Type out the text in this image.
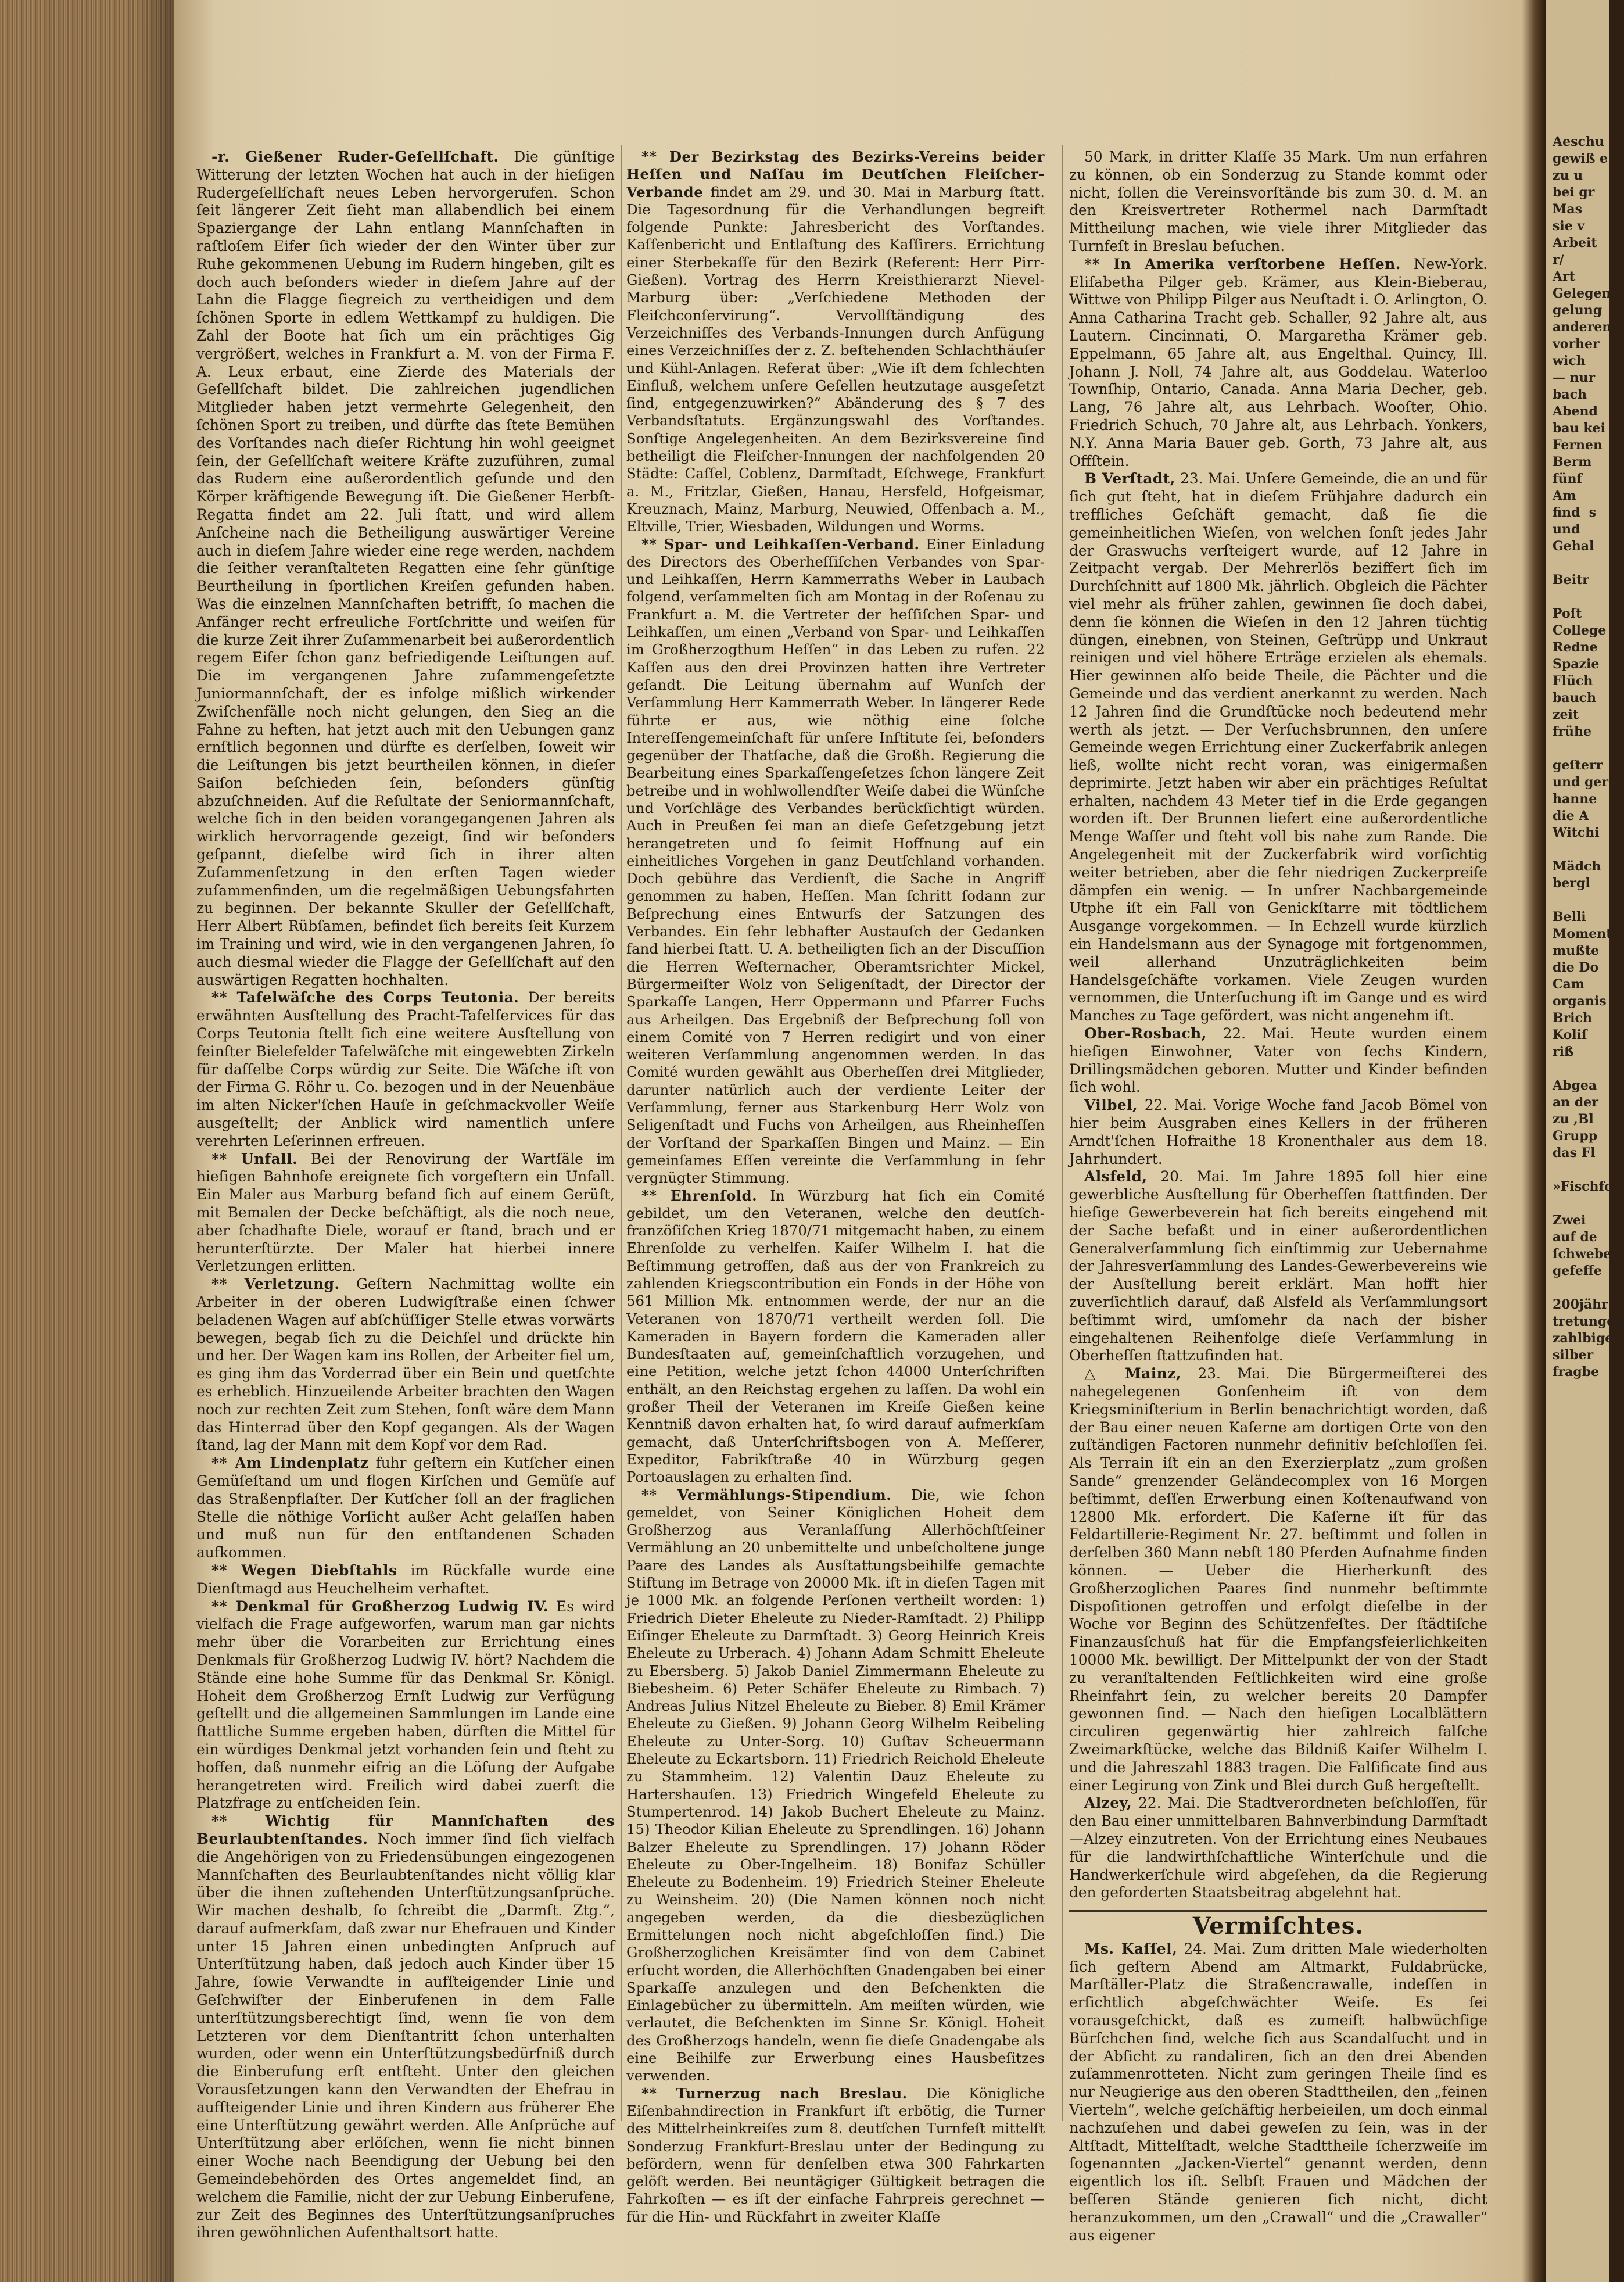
-r. Gießener Ruder-Geſellſchaft. Die günſtige Witterung der letzten Wochen hat auch in der hieſigen Rudergeſellſchaft neues Leben hervorgerufen. Schon ſeit längerer Zeit ſieht man allabendlich bei einem Spaziergange der Lahn entlang Mannſchaften in raſtloſem Eifer ſich wieder der den Winter über zur Ruhe gekommenen Uebung im Rudern hingeben, gilt es doch auch beſonders wieder in dieſem Jahre auf der Lahn die Flagge ſiegreich zu vertheidigen und dem ſchönen Sporte in edlem Wettkampf zu huldigen. Die Zahl der Boote hat ſich um ein prächtiges Gig vergrößert, welches in Frankfurt a. M. von der Firma F. A. Leux erbaut, eine Zierde des Materials der Geſellſchaft bildet. Die zahlreichen jugendlichen Mitglieder haben jetzt vermehrte Gelegenheit, den ſchönen Sport zu treiben, und dürfte das ſtete Bemühen des Vorſtandes nach dieſer Richtung hin wohl geeignet ſein, der Geſellſchaft weitere Kräfte zuzuführen, zumal das Rudern eine außerordentlich geſunde und den Körper kräftigende Bewegung iſt. Die Gießener Herbſt-Regatta findet am 22. Juli ſtatt, und wird allem Anſcheine nach die Betheiligung auswärtiger Vereine auch in dieſem Jahre wieder eine rege werden, nachdem die ſeither veranſtalteten Regatten eine ſehr günſtige Beurtheilung in ſportlichen Kreiſen gefunden haben. Was die einzelnen Mannſchaften betrifft, ſo machen die Anfänger recht erfreuliche Fortſchritte und weiſen für die kurze Zeit ihrer Zuſammenarbeit bei außerordentlich regem Eifer ſchon ganz befriedigende Leiſtungen auf. Die im vergangenen Jahre zuſammengeſetzte Juniormannſchaft, der es infolge mißlich wirkender Zwiſchenfälle noch nicht gelungen, den Sieg an die Fahne zu heften, hat jetzt auch mit den Uebungen ganz ernſtlich begonnen und dürfte es derſelben, ſoweit wir die Leiſtungen bis jetzt beurtheilen können, in dieſer Saiſon beſchieden ſein, beſonders günſtig abzuſchneiden. Auf die Reſultate der Seniormannſchaft, welche ſich in den beiden vorangegangenen Jahren als wirklich hervorragende gezeigt, ſind wir beſonders geſpannt, dieſelbe wird ſich in ihrer alten Zuſammenſetzung in den erſten Tagen wieder zuſammenfinden, um die regelmäßigen Uebungsfahrten zu beginnen. Der bekannte Skuller der Geſellſchaft, Herr Albert Rübſamen, befindet ſich bereits ſeit Kurzem im Training und wird, wie in den vergangenen Jahren, ſo auch diesmal wieder die Flagge der Geſellſchaft auf den auswärtigen Regatten hochhalten.

** Tafelwäſche des Corps Teutonia. Der bereits erwähnten Ausſtellung des Pracht-Tafelſervices für das Corps Teutonia ſtellt ſich eine weitere Ausſtellung von feinſter Bielefelder Tafelwäſche mit eingewebten Zirkeln für daſſelbe Corps würdig zur Seite. Die Wäſche iſt von der Firma G. Röhr u. Co. bezogen und in der Neuenbäue im alten Nicker'ſchen Hauſe in geſchmackvoller Weiſe ausgeſtellt; der Anblick wird namentlich unſere verehrten Leſerinnen erfreuen.

** Unfall. Bei der Renovirung der Wartſäle im hieſigen Bahnhofe ereignete ſich vorgeſtern ein Unfall. Ein Maler aus Marburg befand ſich auf einem Gerüſt, mit Bemalen der Decke beſchäftigt, als die noch neue, aber ſchadhafte Diele, worauf er ſtand, brach und er herunterſtürzte. Der Maler hat hierbei innere Verletzungen erlitten.

** Verletzung. Geſtern Nachmittag wollte ein Arbeiter in der oberen Ludwigſtraße einen ſchwer beladenen Wagen auf abſchüſſiger Stelle etwas vorwärts bewegen, begab ſich zu die Deichſel und drückte hin und her. Der Wagen kam ins Rollen, der Arbeiter fiel um, es ging ihm das Vorderrad über ein Bein und quetſchte es erheblich. Hinzueilende Arbeiter brachten den Wagen noch zur rechten Zeit zum Stehen, ſonſt wäre dem Mann das Hinterrad über den Kopf gegangen. Als der Wagen ſtand, lag der Mann mit dem Kopf vor dem Rad.

** Am Lindenplatz fuhr geſtern ein Kutſcher einen Gemüſeſtand um und flogen Kirſchen und Gemüſe auf das Straßenpflaſter. Der Kutſcher ſoll an der fraglichen Stelle die nöthige Vorſicht außer Acht gelaſſen haben und muß nun für den entſtandenen Schaden aufkommen.

** Wegen Diebſtahls im Rückfalle wurde eine Dienſtmagd aus Heuchelheim verhaftet.

** Denkmal für Großherzog Ludwig IV. Es wird vielfach die Frage aufgeworfen, warum man gar nichts mehr über die Vorarbeiten zur Errichtung eines Denkmals für Großherzog Ludwig IV. hört? Nachdem die Stände eine hohe Summe für das Denkmal Sr. Königl. Hoheit dem Großherzog Ernſt Ludwig zur Verfügung geſtellt und die allgemeinen Sammlungen im Lande eine ſtattliche Summe ergeben haben, dürften die Mittel für ein würdiges Denkmal jetzt vorhanden ſein und ſteht zu hoffen, daß nunmehr eifrig an die Löſung der Aufgabe herangetreten wird. Freilich wird dabei zuerſt die Platzfrage zu entſcheiden ſein.

** Wichtig für Mannſchaften des Beurlaubtenſtandes. Noch immer ſind ſich vielfach die Angehörigen von zu Friedensübungen eingezogenen Mannſchaften des Beurlaubtenſtandes nicht völlig klar über die ihnen zuſtehenden Unterſtützungsanſprüche. Wir machen deshalb, ſo ſchreibt die „Darmſt. Ztg.“, darauf aufmerkſam, daß zwar nur Ehefrauen und Kinder unter 15 Jahren einen unbedingten Anſpruch auf Unterſtützung haben, daß jedoch auch Kinder über 15 Jahre, ſowie Verwandte in aufſteigender Linie und Geſchwiſter der Einberufenen in dem Falle unterſtützungsberechtigt ſind, wenn ſie von dem Letzteren vor dem Dienſtantritt ſchon unterhalten wurden, oder wenn ein Unterſtützungsbedürfniß durch die Einberufung erſt entſteht. Unter den gleichen Vorausſetzungen kann den Verwandten der Ehefrau in aufſteigender Linie und ihren Kindern aus früherer Ehe eine Unterſtützung gewährt werden. Alle Anſprüche auf Unterſtützung aber erlöſchen, wenn ſie nicht binnen einer Woche nach Beendigung der Uebung bei den Gemeindebehörden des Ortes angemeldet ſind, an welchem die Familie, nicht der zur Uebung Einberufene, zur Zeit des Beginnes des Unterſtützungsanſpruches ihren gewöhnlichen Aufenthaltsort hatte.

** Der Bezirkstag des Bezirks-Vereins beider Heſſen und Naſſau im Deutſchen Fleiſcher-Verbande findet am 29. und 30. Mai in Marburg ſtatt. Die Tagesordnung für die Verhandlungen begreift folgende Punkte: Jahresbericht des Vorſtandes. Kaſſenbericht und Entlaſtung des Kaſſirers. Errichtung einer Sterbekaſſe für den Bezirk (Referent: Herr Pirr-Gießen). Vortrag des Herrn Kreisthierarzt Nievel-Marburg über: „Verſchiedene Methoden der Fleiſchconſervirung“. Vervollſtändigung des Verzeichniſſes des Verbands-Innungen durch Anfügung eines Verzeichniſſes der z. Z. beſtehenden Schlachthäuſer und Kühl-Anlagen. Referat über: „Wie iſt dem ſchlechten Einfluß, welchem unſere Geſellen heutzutage ausgeſetzt ſind, entgegenzuwirken?“ Abänderung des § 7 des Verbandsſtatuts. Ergänzungswahl des Vorſtandes. Sonſtige Angelegenheiten. An dem Bezirksvereine ſind betheiligt die Fleiſcher-Innungen der nachfolgenden 20 Städte: Caſſel, Coblenz, Darmſtadt, Eſchwege, Frankfurt a. M., Fritzlar, Gießen, Hanau, Hersfeld, Hofgeismar, Kreuznach, Mainz, Marburg, Neuwied, Offenbach a. M., Eltville, Trier, Wiesbaden, Wildungen und Worms.

** Spar- und Leihkaſſen-Verband. Einer Einladung des Directors des Oberheſſiſchen Verbandes von Spar- und Leihkaſſen, Herrn Kammerraths Weber in Laubach folgend, verſammelten ſich am Montag in der Roſenau zu Frankfurt a. M. die Vertreter der heſſiſchen Spar- und Leihkaſſen, um einen „Verband von Spar- und Leihkaſſen im Großherzogthum Heſſen“ in das Leben zu rufen. 22 Kaſſen aus den drei Provinzen hatten ihre Vertreter geſandt. Die Leitung übernahm auf Wunſch der Verſammlung Herr Kammerrath Weber. In längerer Rede führte er aus, wie nöthig eine ſolche Intereſſengemeinſchaft für unſere Inſtitute ſei, beſonders gegenüber der Thatſache, daß die Großh. Regierung die Bearbeitung eines Sparkaſſengeſetzes ſchon längere Zeit betreibe und in wohlwollendſter Weiſe dabei die Wünſche und Vorſchläge des Verbandes berückſichtigt würden. Auch in Preußen ſei man an dieſe Geſetzgebung jetzt herangetreten und ſo ſeimit Hoffnung auf ein einheitliches Vorgehen in ganz Deutſchland vorhanden. Doch gebühre das Verdienſt, die Sache in Angriff genommen zu haben, Heſſen. Man ſchritt ſodann zur Beſprechung eines Entwurfs der Satzungen des Verbandes. Ein ſehr lebhafter Austauſch der Gedanken fand hierbei ſtatt. U. A. betheiligten ſich an der Discuſſion die Herren Weſternacher, Oberamtsrichter Mickel, Bürgermeiſter Wolz von Seligenſtadt, der Director der Sparkaſſe Langen, Herr Oppermann und Pfarrer Fuchs aus Arheilgen. Das Ergebniß der Beſprechung ſoll von einem Comité von 7 Herren redigirt und von einer weiteren Verſammlung angenommen werden. In das Comité wurden gewählt aus Oberheſſen drei Mitglieder, darunter natürlich auch der verdiente Leiter der Verſammlung, ferner aus Starkenburg Herr Wolz von Seligenſtadt und Fuchs von Arheilgen, aus Rheinheſſen der Vorſtand der Sparkaſſen Bingen und Mainz. — Ein gemeinſames Eſſen vereinte die Verſammlung in ſehr vergnügter Stimmung.

** Ehrenſold. In Würzburg hat ſich ein Comité gebildet, um den Veteranen, welche den deutſch-franzöſiſchen Krieg 1870/71 mitgemacht haben, zu einem Ehrenſolde zu verhelfen. Kaiſer Wilhelm I. hat die Beſtimmung getroffen, daß aus der von Frankreich zu zahlenden Kriegscontribution ein Fonds in der Höhe von 561 Million Mk. entnommen werde, der nur an die Veteranen von 1870/71 vertheilt werden ſoll. Die Kameraden in Bayern fordern die Kameraden aller Bundesſtaaten auf, gemeinſchaftlich vorzugehen, und eine Petition, welche jetzt ſchon 44000 Unterſchriften enthält, an den Reichstag ergehen zu laſſen. Da wohl ein großer Theil der Veteranen im Kreiſe Gießen keine Kenntniß davon erhalten hat, ſo wird darauf aufmerkſam gemacht, daß Unterſchriftsbogen von A. Meſſerer, Expeditor, Fabrikſtraße 40 in Würzburg gegen Portoauslagen zu erhalten ſind.

** Vermählungs-Stipendium. Die, wie ſchon gemeldet, von Seiner Königlichen Hoheit dem Großherzog aus Veranlaſſung Allerhöchſtſeiner Vermählung an 20 unbemittelte und unbeſcholtene junge Paare des Landes als Ausſtattungsbeihilfe gemachte Stiftung im Betrage von 20000 Mk. iſt in dieſen Tagen mit je 1000 Mk. an folgende Perſonen vertheilt worden: 1) Friedrich Dieter Eheleute zu Nieder-Ramſtadt. 2) Philipp Eiſinger Eheleute zu Darmſtadt. 3) Georg Heinrich Kreis Eheleute zu Urberach. 4) Johann Adam Schmitt Eheleute zu Ebersberg. 5) Jakob Daniel Zimmermann Eheleute zu Biebesheim. 6) Peter Schäfer Eheleute zu Rimbach. 7) Andreas Julius Nitzel Eheleute zu Bieber. 8) Emil Krämer Eheleute zu Gießen. 9) Johann Georg Wilhelm Reibeling Eheleute zu Unter-Sorg. 10) Guſtav Scheuermann Eheleute zu Eckartsborn. 11) Friedrich Reichold Eheleute zu Stammheim. 12) Valentin Dauz Eheleute zu Hartershauſen. 13) Friedrich Wingefeld Eheleute zu Stumpertenrod. 14) Jakob Buchert Eheleute zu Mainz. 15) Theodor Kilian Eheleute zu Sprendlingen. 16) Johann Balzer Eheleute zu Sprendlingen. 17) Johann Röder Eheleute zu Ober-Ingelheim. 18) Bonifaz Schüller Eheleute zu Bodenheim. 19) Friedrich Steiner Eheleute zu Weinsheim. 20) (Die Namen können noch nicht angegeben werden, da die diesbezüglichen Ermittelungen noch nicht abgeſchloſſen ſind.) Die Großherzoglichen Kreisämter ſind von dem Cabinet erſucht worden, die Allerhöchſten Gnadengaben bei einer Sparkaſſe anzulegen und den Beſchenkten die Einlagebücher zu übermitteln. Am meiſten würden, wie verlautet, die Beſchenkten im Sinne Sr. Königl. Hoheit des Großherzogs handeln, wenn ſie dieſe Gnadengabe als eine Beihilfe zur Erwerbung eines Hausbeſitzes verwenden.

** Turnerzug nach Breslau. Die Königliche Eiſenbahndirection in Frankfurt iſt erbötig, die Turner des Mittelrheinkreiſes zum 8. deutſchen Turnfeſt mittelſt Sonderzug Frankfurt-Breslau unter der Bedingung zu befördern, wenn für denſelben etwa 300 Fahrkarten gelöſt werden. Bei neuntägiger Gültigkeit betragen die Fahrkoſten — es iſt der einfache Fahrpreis gerechnet — für die Hin- und Rückfahrt in zweiter Klaſſe

50 Mark, in dritter Klaſſe 35 Mark. Um nun erfahren zu können, ob ein Sonderzug zu Stande kommt oder nicht, ſollen die Vereinsvorſtände bis zum 30. d. M. an den Kreisvertreter Rothermel nach Darmſtadt Mittheilung machen, wie viele ihrer Mitglieder das Turnfeſt in Breslau beſuchen.

** In Amerika verſtorbene Heſſen. New-York. Eliſabetha Pilger geb. Krämer, aus Klein-Bieberau, Wittwe von Philipp Pilger aus Neuſtadt i. O. Arlington, O. Anna Catharina Tracht geb. Schaller, 92 Jahre alt, aus Lautern. Cincinnati, O. Margaretha Krämer geb. Eppelmann, 65 Jahre alt, aus Engelthal. Quincy, Ill. Johann J. Noll, 74 Jahre alt, aus Goddelau. Waterloo Townſhip, Ontario, Canada. Anna Maria Decher, geb. Lang, 76 Jahre alt, aus Lehrbach. Wooſter, Ohio. Friedrich Schuch, 70 Jahre alt, aus Lehrbach. Yonkers, N.Y. Anna Maria Bauer geb. Gorth, 73 Jahre alt, aus Offſtein.

B Verſtadt, 23. Mai. Unſere Gemeinde, die an und für ſich gut ſteht, hat in dieſem Frühjahre dadurch ein treffliches Geſchäft gemacht, daß ſie die gemeinheitlichen Wieſen, von welchen ſonſt jedes Jahr der Graswuchs verſteigert wurde, auf 12 Jahre in Zeitpacht vergab. Der Mehrerlös beziffert ſich im Durchſchnitt auf 1800 Mk. jährlich. Obgleich die Pächter viel mehr als früher zahlen, gewinnen ſie doch dabei, denn ſie können die Wieſen in den 12 Jahren tüchtig düngen, einebnen, von Steinen, Geſtrüpp und Unkraut reinigen und viel höhere Erträge erzielen als ehemals. Hier gewinnen alſo beide Theile, die Pächter und die Gemeinde und das verdient anerkannt zu werden. Nach 12 Jahren ſind die Grundſtücke noch bedeutend mehr werth als jetzt. — Der Verſuchsbrunnen, den unſere Gemeinde wegen Errichtung einer Zuckerfabrik anlegen ließ, wollte nicht recht voran, was einigermaßen deprimirte. Jetzt haben wir aber ein prächtiges Reſultat erhalten, nachdem 43 Meter tief in die Erde gegangen worden iſt. Der Brunnen liefert eine außerordentliche Menge Waſſer und ſteht voll bis nahe zum Rande. Die Angelegenheit mit der Zuckerfabrik wird vorſichtig weiter betrieben, aber die ſehr niedrigen Zuckerpreiſe dämpfen ein wenig. — In unſrer Nachbargemeinde Utphe iſt ein Fall von Genickſtarre mit tödtlichem Ausgange vorgekommen. — In Echzell wurde kürzlich ein Handelsmann aus der Synagoge mit fortgenommen, weil allerhand Unzuträglichkeiten beim Handelsgeſchäfte vorkamen. Viele Zeugen wurden vernommen, die Unterſuchung iſt im Gange und es wird Manches zu Tage gefördert, was nicht angenehm iſt.

Ober-Rosbach, 22. Mai. Heute wurden einem hieſigen Einwohner, Vater von ſechs Kindern, Drillingsmädchen geboren. Mutter und Kinder befinden ſich wohl.

Vilbel, 22. Mai. Vorige Woche fand Jacob Bömel von hier beim Ausgraben eines Kellers in der früheren Arndt'ſchen Hofraithe 18 Kronenthaler aus dem 18. Jahrhundert.

Alsfeld, 20. Mai. Im Jahre 1895 ſoll hier eine gewerbliche Ausſtellung für Oberheſſen ſtattfinden. Der hieſige Gewerbeverein hat ſich bereits eingehend mit der Sache befaßt und in einer außerordentlichen Generalverſammlung ſich einſtimmig zur Uebernahme der Jahresverſammlung des Landes-Gewerbevereins wie der Ausſtellung bereit erklärt. Man hofft hier zuverſichtlich darauf, daß Alsfeld als Verſammlungsort beſtimmt wird, umſomehr da nach der bisher eingehaltenen Reihenfolge dieſe Verſammlung in Oberheſſen ſtattzufinden hat.

△ Mainz, 23. Mai. Die Bürgermeiſterei des nahegelegenen Gonſenheim iſt von dem Kriegsminiſterium in Berlin benachrichtigt worden, daß der Bau einer neuen Kaſerne am dortigen Orte von den zuſtändigen Factoren nunmehr definitiv beſchloſſen ſei. Als Terrain iſt ein an den Exerzierplatz „zum großen Sande“ grenzender Geländecomplex von 16 Morgen beſtimmt, deſſen Erwerbung einen Koſtenaufwand von 12800 Mk. erfordert. Die Kaſerne iſt für das Feldartillerie-Regiment Nr. 27. beſtimmt und ſollen in derſelben 360 Mann nebſt 180 Pferden Aufnahme finden können. — Ueber die Hierherkunft des Großherzoglichen Paares ſind nunmehr beſtimmte Dispoſitionen getroffen und erfolgt dieſelbe in der Woche vor Beginn des Schützenfeſtes. Der ſtädtiſche Finanzausſchuß hat für die Empfangsfeierlichkeiten 10000 Mk. bewilligt. Der Mittelpunkt der von der Stadt zu veranſtaltenden Feſtlichkeiten wird eine große Rheinfahrt ſein, zu welcher bereits 20 Dampfer gewonnen ſind. — Nach den hieſigen Localblättern circuliren gegenwärtig hier zahlreich falſche Zweimarkſtücke, welche das Bildniß Kaiſer Wilhelm I. und die Jahreszahl 1883 tragen. Die Falſificate ſind aus einer Legirung von Zink und Blei durch Guß hergeſtellt.

Alzey, 22. Mai. Die Stadtverordneten beſchloſſen, für den Bau einer unmittelbaren Bahnverbindung Darmſtadt—Alzey einzutreten. Von der Errichtung eines Neubaues für die landwirthſchaftliche Winterſchule und die Handwerkerſchule wird abgeſehen, da die Regierung den geforderten Staatsbeitrag abgelehnt hat.

Vermiſchtes.

Ms. Kaſſel, 24. Mai. Zum dritten Male wiederholten ſich geſtern Abend am Altmarkt, Fuldabrücke, Marſtäller-Platz die Straßencrawalle, indeſſen in erſichtlich abgeſchwächter Weiſe. Es ſei vorausgeſchickt, daß es zumeiſt halbwüchſige Bürſchchen ſind, welche ſich aus Scandalſucht und in der Abſicht zu randaliren, ſich an den drei Abenden zuſammenrotteten. Nicht zum geringen Theile ſind es nur Neugierige aus den oberen Stadttheilen, den „feinen Vierteln“, welche geſchäftig herbeieilen, um doch einmal nachzuſehen und dabei geweſen zu ſein, was in der Altſtadt, Mittelſtadt, welche Stadttheile ſcherzweiſe im ſogenannten „Jacken-Viertel“ genannt werden, denn eigentlich los iſt. Selbſt Frauen und Mädchen der beſſeren Stände genieren ſich nicht, dicht heranzukommen, um den „Crawall“ und die „Crawaller“ aus eigener

Aeschu
gewiß e
zu u
bei gr
Mas
sie v
Arbeit
r/
Art
Gelegen
gelung
anderen
vorher
wich
— nur
bach
Abend
bau kei
Fernen
Berm
fünf
Am
find  s
und
Gehal

Beitr

Poſt
College
Redne
Spazie
Flüch
bauch
zeit
frühe

geſterr
und ger
hanne
die A
Witchi

Mädch
bergl

Belli
Moment
mußte
die Do
Cam
organis
Brich
Koliſ
riß

Abgea
an der
zu ,Bl
Grupp
das Fl

»Fischfo

Zwei
auf de
ſchwebe
gefeffe

200jähr
tretungen
zahlbige
silber
fragbe
